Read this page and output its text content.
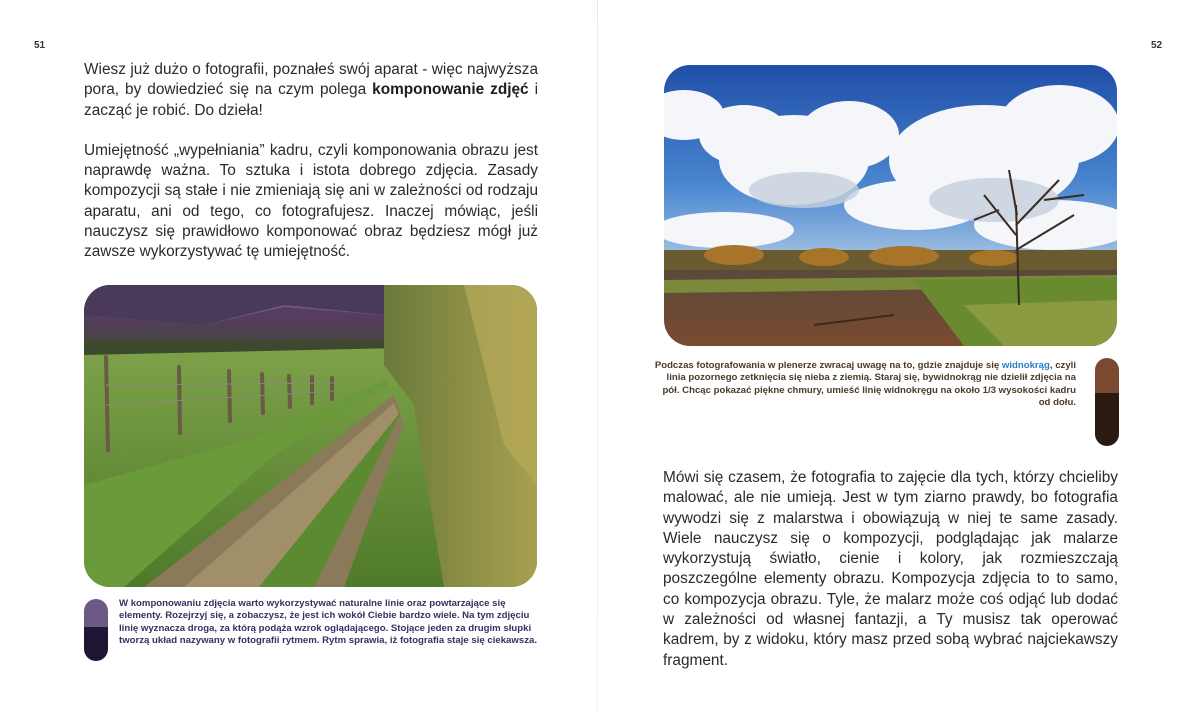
51

Wiesz już dużo o fotografii, poznałeś swój aparat - więc najwyższa pora, by dowiedzieć się na czym polega komponowanie zdjęć i zacząć je robić. Do dzieła!

Umiejętność „wypełniania” kadru, czyli komponowania obrazu jest naprawdę ważna. To sztuka i istota dobrego zdjęcia. Zasady kompozycji są stałe i nie zmieniają się ani w zależności od rodzaju aparatu, ani od tego, co fotografujesz. Inaczej mówiąc, jeśli nauczysz się prawidłowo komponować obraz będziesz mógł już zawsze wykorzystywać tę umiejętność.

W komponowaniu zdjęcia warto wykorzystywać naturalne linie oraz powtarzające się elementy. Rozejrzyj się, a zobaczysz, że jest ich wokół Ciebie bardzo wiele. Na tym zdjęciu linię wyznacza droga, za którą podąża wzrok oglądającego. Stojące jeden za drugim słupki tworzą układ nazywany w fotografii rytmem. Rytm sprawia, iż fotografia staje się ciekawsza.

52

Podczas fotografowania w plenerze zwracaj uwagę na to, gdzie znajduje się widnokrąg, czyli linia pozornego zetknięcia się nieba z ziemią. Staraj się, bywidnokrąg nie dzielił zdjęcia na pół. Chcąc pokazać piękne chmury, umieść linię widnokręgu na około 1/3 wysokości kadru od dołu.

Mówi się czasem, że fotografia to zajęcie dla tych, którzy chcieliby malować, ale nie umieją. Jest w tym ziarno prawdy, bo fotografia wywodzi się z malarstwa i obowiązują w niej te same zasady. Wiele nauczysz się o kompozycji, podglądając jak malarze wykorzystują światło, cienie i kolory, jak rozmieszczają poszczególne elementy obrazu. Kompozycja zdjęcia to to samo, co kompozycja obrazu. Tyle, że malarz może coś odjąć lub dodać w zależności od własnej fantazji, a Ty musisz tak operować kadrem, by z widoku, który masz przed sobą wybrać najciekawszy fragment.
